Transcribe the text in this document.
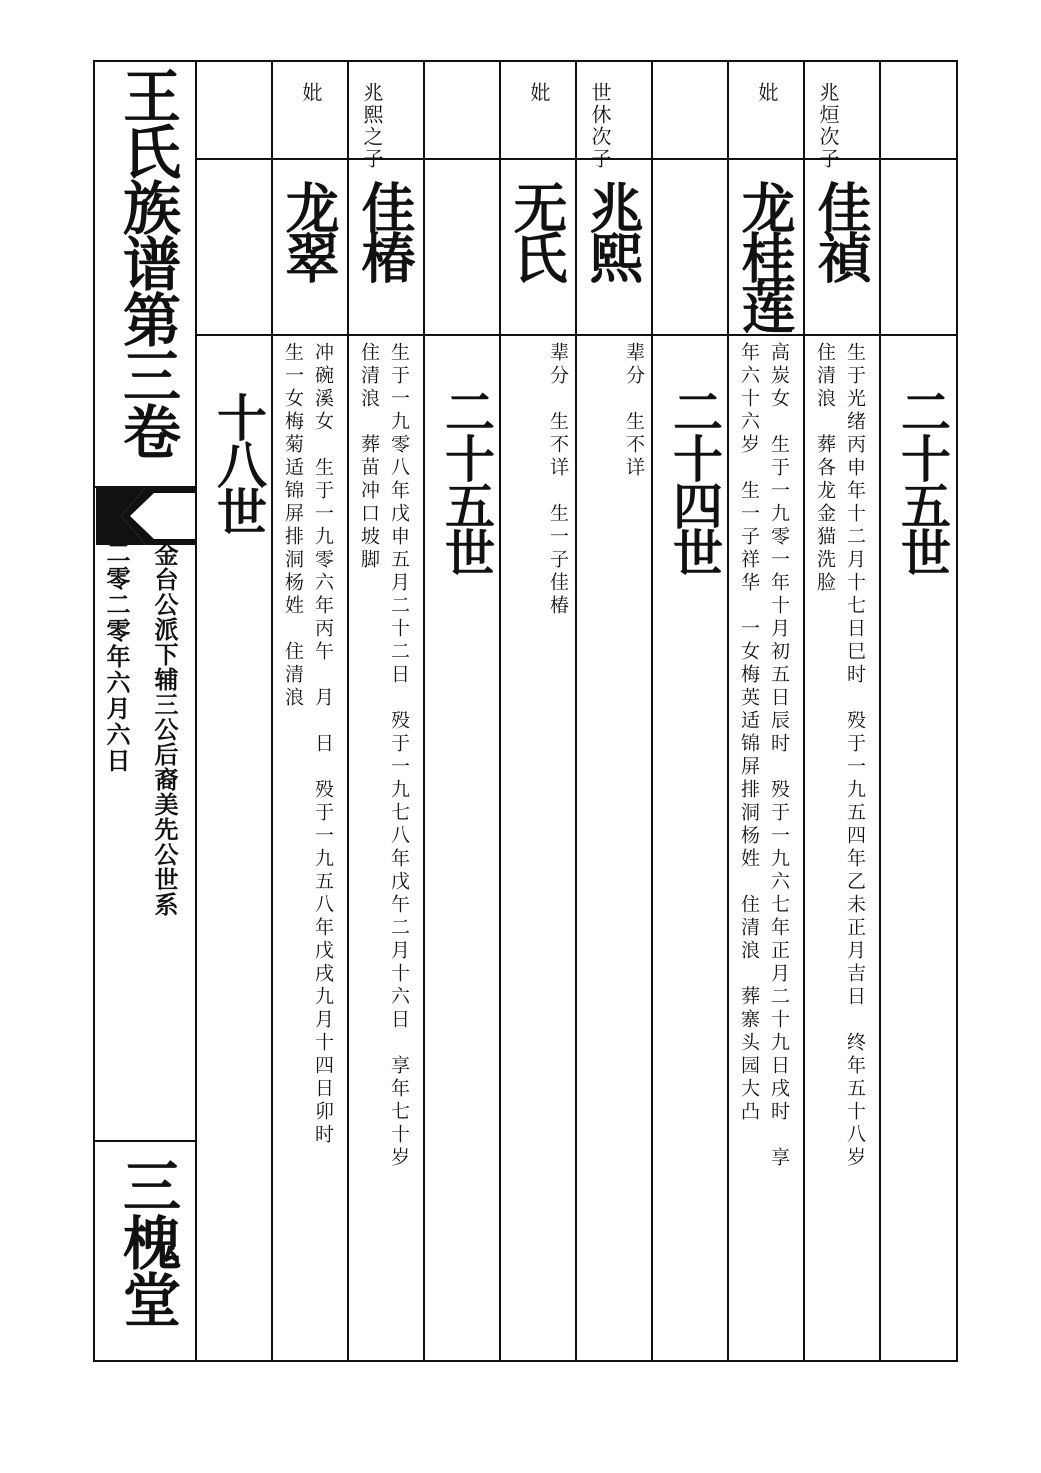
王氏族谱第三卷
金台公派下辅三公后裔美先公世系
二零二零年六月六日
三槐堂
二十五世
兆烜次子
佳禎
生于光绪丙申年十二月十七日巳时　殁于一九五四年乙未正月吉日　终年五十八岁
住清浪　葬各龙金猫洗脸
妣
龙桂莲
高炭女　生于一九零一年十月初五日辰时　殁于一九六七年正月二十九日戌时　享
年六十六岁　生一子祥华　一女梅英适锦屏排洞杨姓　住清浪　葬寨头园大凸
二十四世
世休次子
兆熙
辈分　生不详
妣
无氏
辈分　生不详　生一子佳椿
二十五世
兆熙之子
佳椿
生于一九零八年戊申五月二十二日　殁于一九七八年戊午二月十六日　享年七十岁
住清浪　葬苗冲口坡脚
妣
龙翠
冲碗溪女　生于一九零六年丙午　月　日　殁于一九五八年戊戌九月十四日卯时
生一女梅菊适锦屏排洞杨姓　住清浪
十八世
